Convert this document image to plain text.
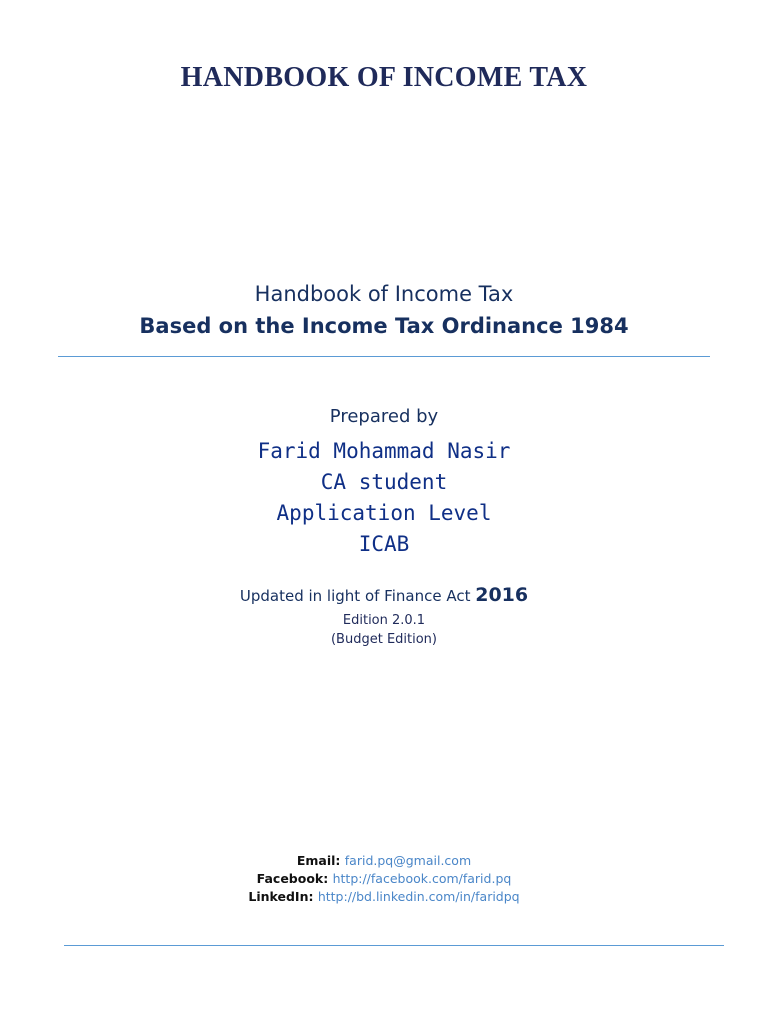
HANDBOOK OF INCOME TAX
Handbook of Income Tax
Based on the Income Tax Ordinance 1984
Prepared by
Farid Mohammad Nasir
CA student
Application Level
ICAB
Updated in light of Finance Act 2016
Edition 2.0.1
(Budget Edition)
Email: farid.pq@gmail.com
Facebook: http://facebook.com/farid.pq
LinkedIn: http://bd.linkedin.com/in/faridpq
